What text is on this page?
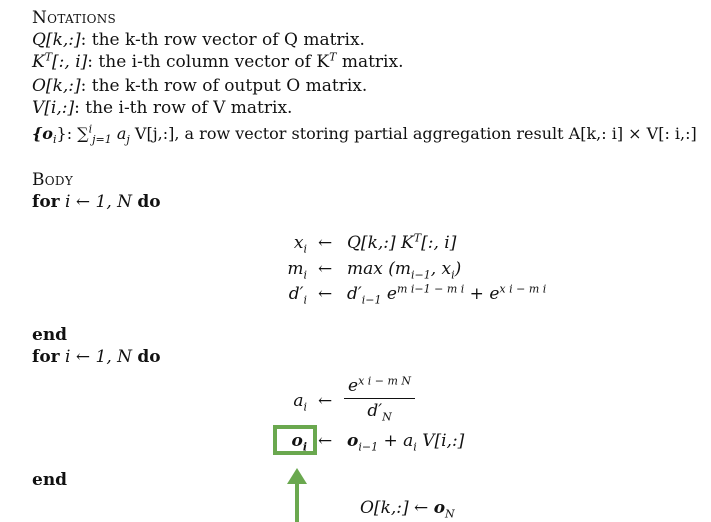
Notations
Q[k,:]: the k-th row vector of Q matrix.
$K^T$[:, i]: the i-th column vector of $K^T$ matrix.
O[k,:]: the k-th row of output O matrix.
V[i,:]: the i-th row of V matrix.
$\{o_i\}$: ∑$^i_{j=1}$ $a_j$ V[j,:], a row vector storing partial aggregation result A[k,: i] × V[: i,:]
Body
for i ← 1, N do
$x_i$ ← Q[k,:] $K^T$[:, i]
$m_i$ ← $\max (m_{i-1}$, $x_i$)
$d'_i$ ← $d'_{i-1}$ $e^{m i-1 - m i} + e^{x i - m i}$
end
for i ← 1, N do
$a_i$ ←
$e^{x i - m N}$
$d'_N$
$o_i$ ← $o_{i-1} + a_i$ V[i,:]
end
O[k,:] ← $o_N$
